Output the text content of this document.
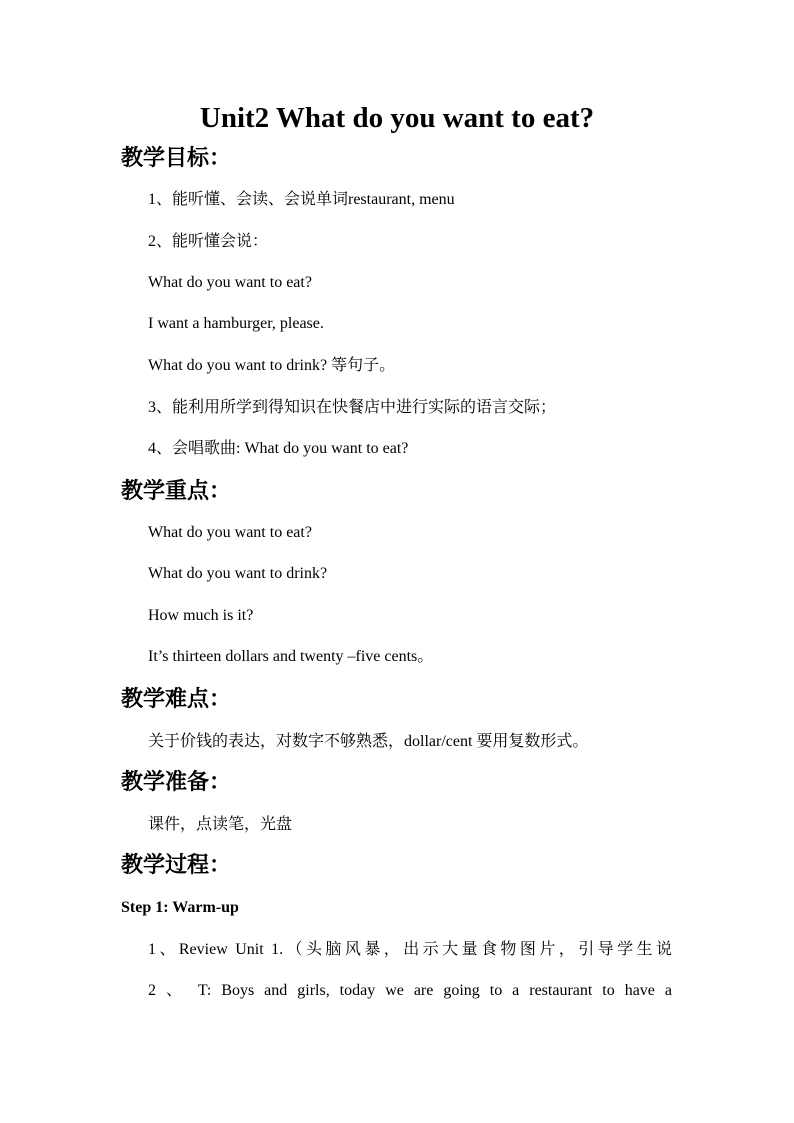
Unit2 What do you want to eat?
教学目标：
1、能听懂、会读、会说单词restaurant, menu
2、能听懂会说：
What do you want to eat?
I want a hamburger, please.
What do you want to drink? 等句子。
3、能利用所学到得知识在快餐店中进行实际的语言交际；
4、会唱歌曲: What do you want to eat?
教学重点：
What do you want to eat?
What do you want to drink?
How much is it?
It’s thirteen dollars and twenty –five cents。
教学难点：
关于价钱的表达，对数字不够熟悉，dollar/cent 要用复数形式。
教学准备：
课件，点读笔，光盘
教学过程：
Step 1: Warm-up
1、Review Unit 1.（头脑风暴，出示大量食物图片，引导学生说
2 、 T: Boys and girls, today we are going to a restaurant to have a
